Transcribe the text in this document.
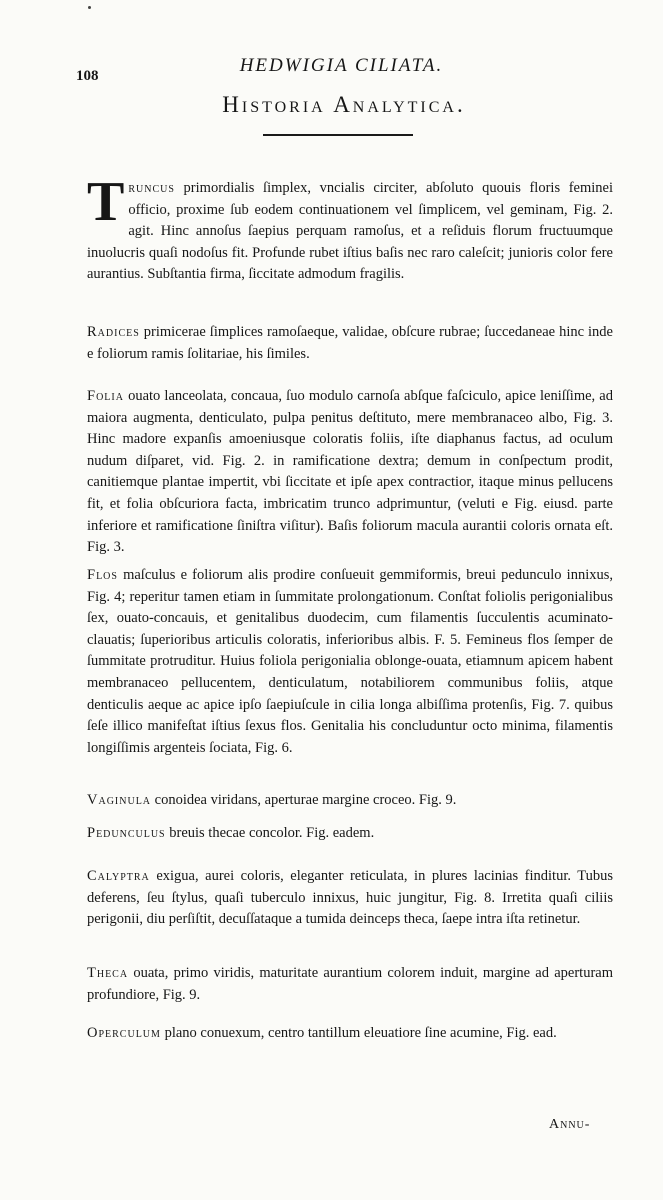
108	HEDWIGIA CILIATA.
Historia Analytica.
Truncus primordialis ſimplex, vncialis circiter, abſoluto quouis floris feminei officio, proxime ſub eodem continuationem vel ſimplicem, vel geminam, Fig. 2. agit. Hinc annoſus ſaepius perquam ramoſus, et a reſiduis florum fructuumque inuolucris quaſi nodoſus fit. Profunde rubet iſtius baſis nec raro caleſcit; junioris color fere aurantius. Subſtantia firma, ſiccitate admodum fragilis.
Radices primicerae ſimplices ramoſaeque, validae, obſcure rubrae; ſuccedaneae hinc inde e foliorum ramis ſolitariae, his ſimiles.
Folia ouato lanceolata, concaua, ſuo modulo carnoſa abſque faſciculo, apice leniſſime, ad maiora augmenta, denticulato, pulpa penitus deſtituto, mere membranaceo albo, Fig. 3. Hinc madore expanſis amoeniusque coloratis foliis, iſte diaphanus factus, ad oculum nudum diſparet, vid. Fig. 2. in ramificatione dextra; demum in conſpectum prodit, canitiemque plantae impertit, vbi ſiccitate et ipſe apex contractior, itaque minus pellucens fit, et folia obſcuriora facta, imbricatim trunco adprimuntur, (veluti e Fig. eiusd. parte inferiore et ramificatione ſiniſtra viſitur). Baſis foliorum macula aurantii coloris ornata eſt. Fig. 3.
Flos maſculus e foliorum alis prodire conſueuit gemmiformis, breui pedunculo innixus, Fig. 4; reperitur tamen etiam in ſummitate prolongationum. Conſtat foliolis perigonialibus ſex, ouato-concauis, et genitalibus duodecim, cum filamentis ſucculentis acuminato-clauatis; ſuperioribus articulis coloratis, inferioribus albis. F. 5. Femineus flos ſemper de ſummitate protruditur. Huius foliola perigonialia oblonge-ouata, etiamnum apicem habent membranaceo pellucentem, denticulatum, notabiliorem communibus foliis, atque denticulis aeque ac apice ipſo ſaepiuſcule in cilia longa albiſſima protenſis, Fig. 7. quibus ſeſe illico manifeſtat iſtius ſexus flos. Genitalia his concluduntur octo minima, filamentis longiſſimis argenteis ſociata, Fig. 6.
Vaginula conoidea viridans, aperturae margine croceo. Fig. 9.
Pedunculus breuis thecae concolor. Fig. eadem.
Calyptra exigua, aurei coloris, eleganter reticulata, in plures lacinias finditur. Tubus deferens, ſeu ſtylus, quaſi tuberculo innixus, huic jungitur, Fig. 8. Irretita quaſi ciliis perigonii, diu perſiſtit, decuſſataque a tumida deinceps theca, ſaepe intra iſta retinetur.
Theca ouata, primo viridis, maturitate aurantium colorem induit, margine ad aperturam profundiore, Fig. 9.
Operculum plano conuexum, centro tantillum eleuatiore ſine acumine, Fig. ead.
Annu-
